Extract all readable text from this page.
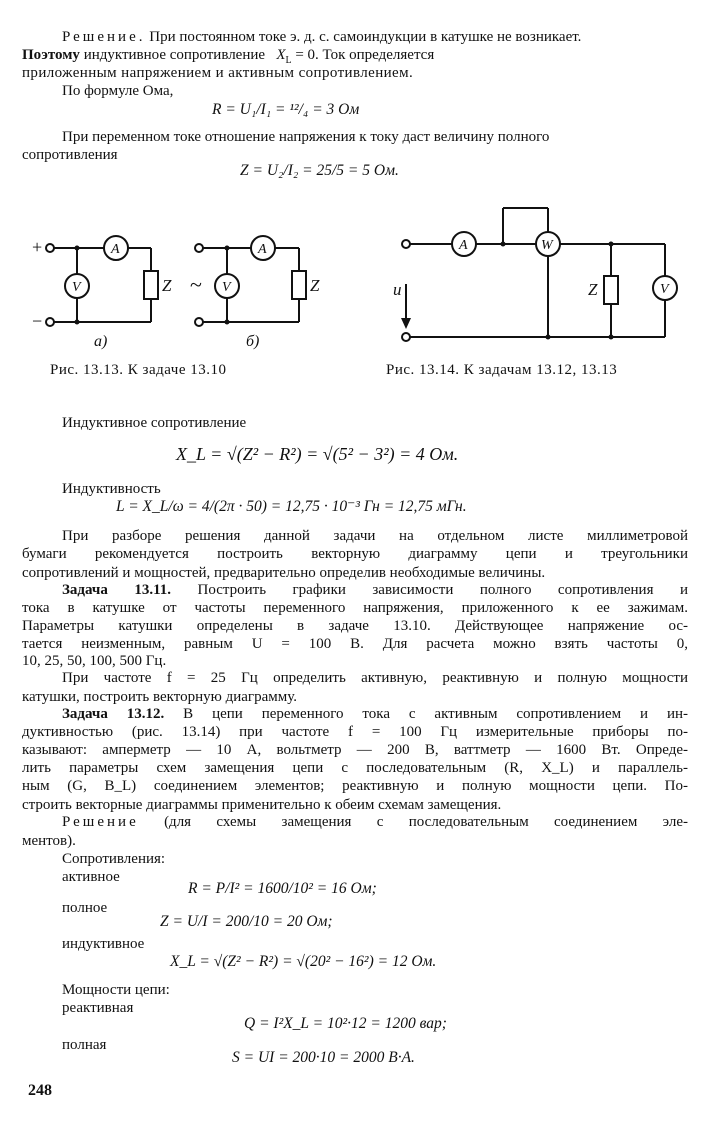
Решение. При постоянном токе э. д. с. самоиндукции в катушке не возникает.
Поэтому индуктивное сопротивление $X_L = 0$. Ток определяется
приложенным напряжением и активным сопротивлением.
По формуле Ома,
R = U₁/I₁ = ¹²/₄ = 3 Ом
При переменном токе отношение напряжения к току даст величину полного
сопротивления
Z = U₂/I₂ = 25/5 = 5 Ом.
A
V	Z
A
V	Z
+
−
~
а)	б)
Рис. 13.13. К задаче 13.10
A	W
V
Z
u
Рис. 13.14. К задачам 13.12, 13.13
Индуктивное сопротивление
X_L = √(Z² − R²) = √(5² − 3²) = 4 Ом.
Индуктивность
L = X_L/ω = 4/(2π · 50) = 12,75 · 10⁻³ Гн = 12,75 мГн.
При разборе решения данной задачи на отдельном листе миллиметровой
бумаги рекомендуется построить векторную диаграмму цепи и треугольники
сопротивлений и мощностей, предварительно определив необходимые величины.
Задача 13.11. Построить графики зависимости полного сопротивления и
тока в катушке от частоты переменного напряжения, приложенного к ее зажимам.
Параметры катушки определены в задаче 13.10. Действующее напряжение ос-
тается неизменным, равным U = 100 В. Для расчета можно взять частоты 0,
10, 25, 50, 100, 500 Гц.
При частоте f = 25 Гц определить активную, реактивную и полную мощности
катушки, построить векторную диаграмму.
Задача 13.12. В цепи переменного тока с активным сопротивлением и ин-
дуктивностью (рис. 13.14) при частоте f = 100 Гц измерительные приборы по-
казывают: амперметр — 10 А, вольтметр — 200 В, ваттметр — 1600 Вт. Опреде-
лить параметры схем замещения цепи с последовательным (R, X_L) и параллель-
ным (G, B_L) соединением элементов; реактивную и полную мощности цепи. По-
строить векторные диаграммы применительно к обеим схемам замещения.
Решение (для схемы замещения с последовательным соединением эле-
ментов).
Сопротивления:
активное
R = P/I² = 1600/10² = 16 Ом;
полное
Z = U/I = 200/10 = 20 Ом;
индуктивное
X_L = √(Z² − R²) = √(20² − 16²) = 12 Ом.
Мощности цепи:
реактивная
Q = I²X_L = 10²·12 = 1200 вар;
полная
S = UI = 200·10 = 2000 В·А.
248
